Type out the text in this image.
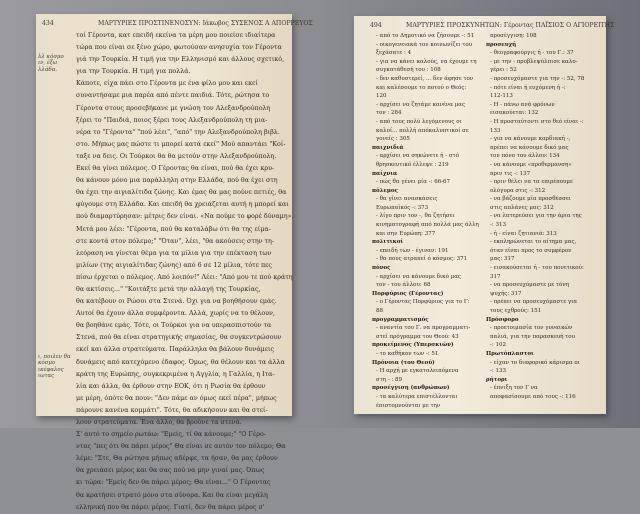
434	ΜΑΡΤΥΡΙΕΣ ΠΡΟΣΤΙΝΕΝΟΣΥΝ: Ιάκωβος ΣΥΣΕΝΟΣ Α ΑΠΟΡΡΕΥΟΣ
λλ κόσμο
ιν, έξω
λλάδα.
ι, ποιλεν θα
κόσμο
ικέφαλος
ιωτας
τοί Γέροντα, κατ επειδή εκείνα τα μέρη μου ποιείσε ιδιαίτερα
τώρα που είναι σε ξένο χώρο, φωτούσαν ανησυχία τον Γέροντα
γιά την Τουρκία. Η τιμή για την Ελληνισμό και άλλους σχετικό,
για την Τουρκία. Η τιμή για πολλά.
Κάποτε, είχα πάει στο Γέροντα με ένα φίλο μου και εκεί
συναντήσαμε μια παρέα από πέντε παιδιά. Τότε, ρώτησα το
Γέροντα στους προσεβήκανε με γνώση τον Αλεξανδρούπολη
ξέρει το "Παιδιά, ποιος ξέρει τους Αλεξανδρούπολη τη μια-
νέρα το "Γέροντα" "πού λέει", "από" την Αλεξανδρούπολη βιβλ.
στο. Μήπως μας πώστε τι μπορεί κατά εκεί" Μού απαντάει "Κοί-
ταξε να δεις. Οι Τούρκοι θα θα μετούν στην Αλεξανδρούπολη.
Εκεί θα γίνει πόλεμος. Ο Γέροντας θα είναι, πού θα έχει κρυ-
θα κάνουν μόνο μια παράλληλη στην Ελλάδα, πού θα έχει στη
θα έχει την αιγιαλίτιδα ζώνης. Και έμας θα μας πούνε πετιές, θα
φύγουμε στη Ελλάδα. Και επειδή θα χρειάζεται αυτή η μπορεί και
πού διαμαρτύρησαν: μέτρις δεν είναι. «Να πούμε το φορέ δύναμη».
Μετά μου λέει: "Γέροντα, πού θα καταλάβω ότι θα της είμα-
στε κοντά στον πόλεμο;" "Όταν", λέει, "θα ακούσεις στην τη-
λεόραση να γίνεται θέμα για τα μίλια για την επέκταση των
μιλίων (της αιγιαλίτιδας ζώνης) από 6 σε 12 μίλια, τότε πες
πίσω έρχεται ο πόλεμος. Από λοιπόν!" Λέει: "Από μου τε πού κράτη
θα ακτίσεις..." "Κοιτάξτε μετά την αλλαγή της Τουρκίας,
θα κατέβουν οι Ρώσοι στα Στενά. Όχι για να βοηθήσουν εμάς.
Αυτοί θα έχουν άλλα συμφέροντα. Αλλά, χωρίς να το θέλουν,
θα βοηθάνε εμάς. Τότε, οι Τούρκοι για να υπερασπιστούν τα
Στενά, πού θα είναι στρατηγικής σημασίας, θα συγκεντρώσουν
εκεί και άλλα στρατεύματα. Παράλληλα θα βάλουν δυνάμεις
δυνάμεις από κατεχόμενο έδαφος. Όμως, θα θέλουν και τα άλλα
κράτη της Ευρώπης, συγκεκριμένα η Αγγλία, η Γαλλία, η Ιτα-
λία και άλλα, θα έρθουν στην ΕΟΚ, ότι η Ρωσία θα έρθουν
με μέρη, όπότε θα πουν: "Δεν πάμε αν όμως εκεί πέρα", μήπως
πάρουνε κανένα κομμάτι". Τότε, θα αδικήσουν και θα στεί-
λουν στρατεύματα. Ένα άλλο, θα βρούνε τα στενά.
Σ' αυτό το σημείο ρωτάω: "Εμείς, τί θα κάνουμε;" "Ο Γέρο-
ντας "πες ότι θα πάρει μέρος" Θα είναι σε αυτόν τον πόλεμο; Θα
λέμε: "Στε, Θα ρώτησα μήπως αδέρφε, τα ήσαν, θα μας έρθουν
θα χρειάσει μέρος και θα σας πού να μην γιναί μας. Όπως
κι τώρα: "Εμείς δεν θα πάρει μέρος; Θα είναι..." Ο Γέροντας
θα κρατήσει στρατό μόνο στα σύνορα. Και θα είναι μεγάλη
ελληνική που θα πάρει μέρος. Γιατί, δεν θα πάρει μέρος σ'
494	ΜΑΡΤΥΡΙΕΣ ΠΡΟΣΚΥΝΗΤΩΝ: Γέροντας ΠΑΪΣΙΟΣ Ο ΑΓΙΟΡΕΙΤΗΣ
- από το Δημοτικό να ζήσουμε -: 51
- οικογενειακά τον κοινωνίζει του
ξεχάσατε : 4
- για να κάνει καλούς, να έχουμε τη
συγκατάθεσή του : 108
- δεν καθυστερεί, ... δεν άφησε τον
και καλέσουμε το ποτού ο Θεός:
120
- αρχίσει να ζητάμε κανένα μας
τον : 284
- από τους πολύ λεγόμενους οι
καλοί... πολλή απόκαλυπτικοί σε
γονείς : 305
παιχνιδιά
- αρχίσει να σηκώνετε ή - στό
θρησκευτικό έλλεψε : 219
παίχνια
- πώς θα γένει μία -: 66-67
πόλεμος
- θα γίνει ανασκάσεις
Ευρωπαϊκός -: 373
- λίγο πριν τον -, θα ζητήσει
κινηματογραφή από πολλά μας άλλη
και σην Ευρώπη: 377
πολιτικοί
- επειδή των - έγιναν: 191
- θα πους ατραπεί ό κόσμος: 371
πόνος
- αρχίσει να κάνουμε δικό μας
τον - του άλλου: 68
Πορφύριος (Γέροντας)
- ο Γέροντας Πορφύριος για το Γ:
88
προγραμματισμός
- αναντία του Γ. να προγραμματι-
στεί πρόγραμμα του Θεού: 43
προκείμενος (Υπερσκιών)
- το καθήκον των -: 51
Πρόνοια (του Θεού)
- Η αρχή με εγκαταλειπόμενα
στη - : 89
προσέγγιση (ανθρώπων)
- τα καλύτερα επιστέλλονται
έπιστομνούνται με την
προσέγγιση: 108
προσευχή
- θεογραφούργις ή - του Γ.: 37
- με την - προβλεψόλπισε καλο-
γέρει : 52
- προσευχόμαστε για την -: 52, 78
- πότε είναι ή ευχόμενη ή -:
112-113
- Η - πάνω ανά φρόνων
εισακούεται: 132
- Η προσταύτοντι στο θεό είναι -:
133
- για να κάνουμε καρδιακή -,
πρέπει να κάνουμε δικό μας
τον πόνο του άλλου: 134
- να κάνουμε «προθερμανση»
πριν τις -: 137
- πριν θέλει να τα επιρέπουμε
ολόγυρα στις -: 312
- να βάζουμε μία προσθέσσει
στις απλάνες μας: 312
- να λατερεύσει για την άρια της
-: 313
- ή - είναι ζητιανιά: 313
- εκπληρώνεται το αίτημα μας,
όταν είναι προς το συμφέρον
μας: 317
- εισακούσεται ή - του πονετικού:
317
- να προσευχόμαστε με τόνη
ψυχής: 317
- πρέπει να προσευχόμαστε για
τους εχθρούς: 151
Πρόσφορο
- προετοιμασία τον γυναικών
παλιά, για την παρασκευή του
-: 102
Πρωτόπλαστοι
- είχαν το διαφορικό κάρισμα οι
-: 133
ρήτορι
- έπνιξη τον Γ να
αποφασίσουμε από τους -: 116
